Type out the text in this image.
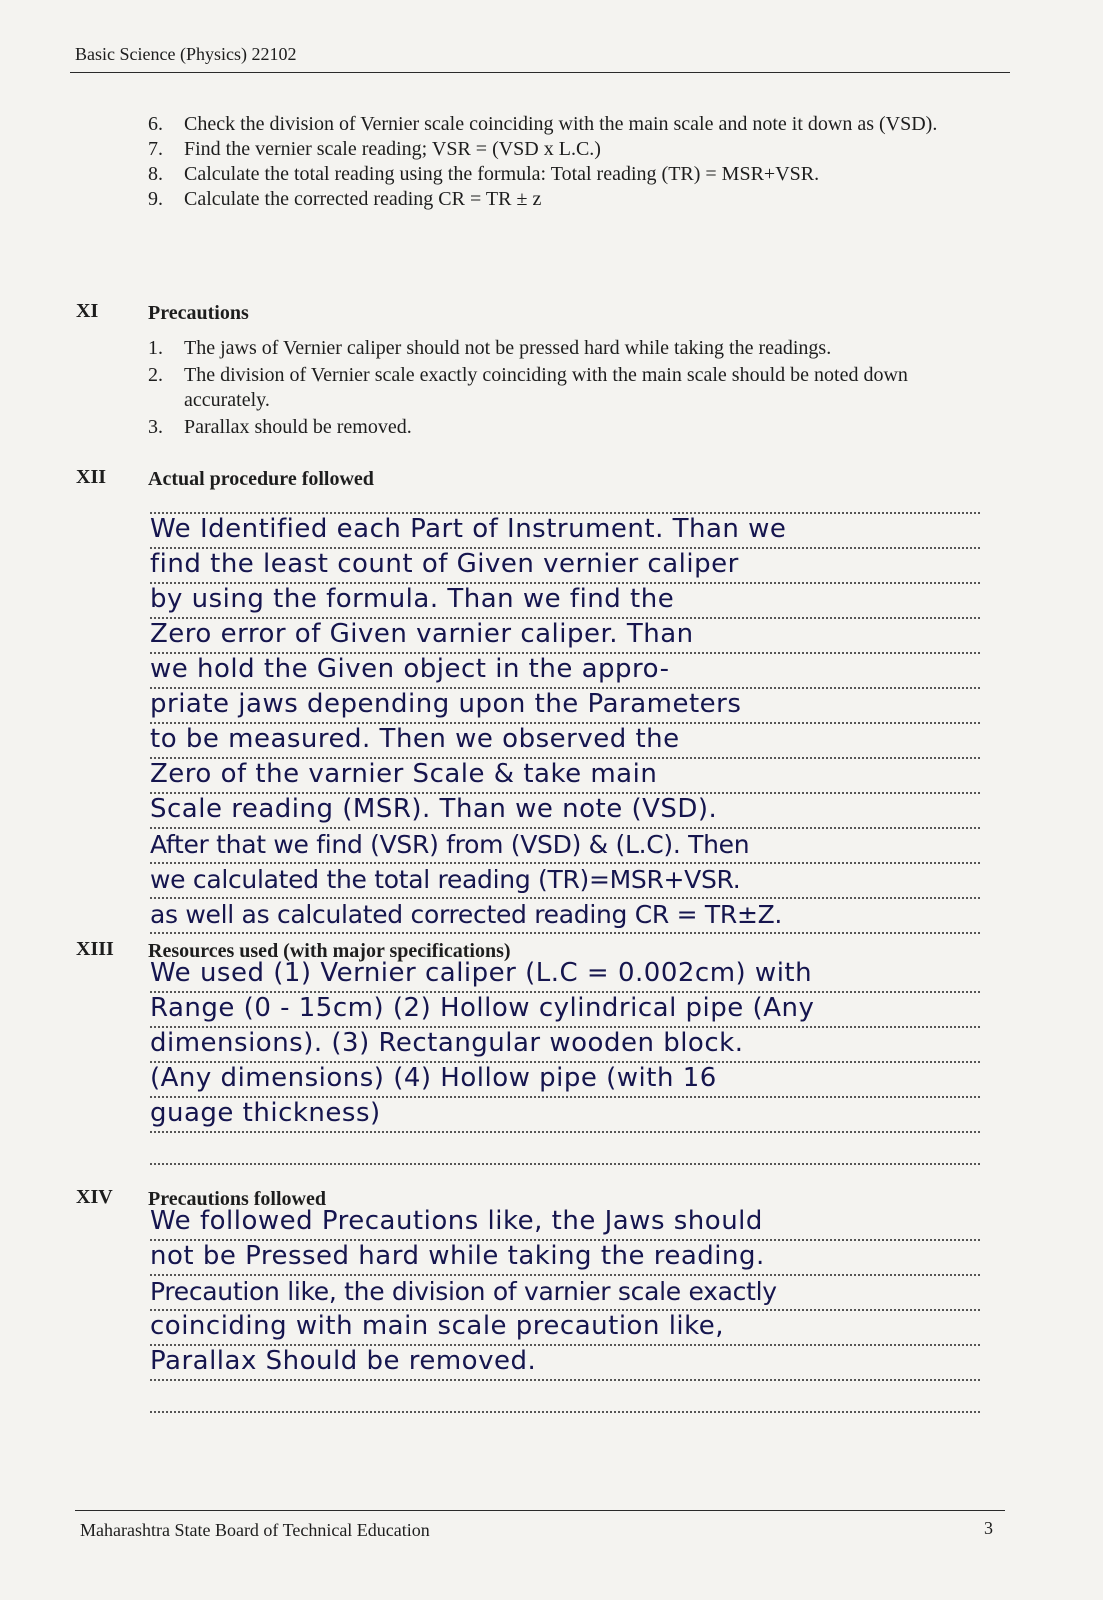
Basic Science (Physics) 22102
6. Check the division of Vernier scale coinciding with the main scale and note it down as (VSD).
7. Find the vernier scale reading; VSR = (VSD x L.C.)
8. Calculate the total reading using the formula: Total reading (TR) = MSR+VSR.
9. Calculate the corrected reading CR = TR ± z
XI Precautions
1. The jaws of Vernier caliper should not be pressed hard while taking the readings.
2. The division of Vernier scale exactly coinciding with the main scale should be noted down accurately.
3. Parallax should be removed.
XII Actual procedure followed
We Identified each Part of Instrument. Than we
find the least count of Given vernier caliper
by using the formula. Than we find the
Zero error of Given varnier caliper. Than
we hold the Given object in the appro-
priate jaws depending upon the Parameters
to be measured. Then we observed the
Zero of the varnier Scale & take main
Scale reading (MSR). Than we note (VSD).
After that we find (VSR) from (VSD) & (L.C). Then
we calculated the total reading (TR)=MSR+VSR.
as well as calculated corrected reading CR = TR±Z.
XIII Resources used (with major specifications)
We used (1) Vernier caliper (L.C = 0.002cm) with
Range (0 - 15cm) (2) Hollow cylindrical pipe (Any
dimensions). (3) Rectangular wooden block.
(Any dimensions) (4) Hollow pipe (with 16
guage thickness)
XIV Precautions followed
We followed Precautions like, the Jaws should
not be Pressed hard while taking the reading.
Precaution like, the division of varnier scale exactly
coinciding with main scale precaution like,
Parallax Should be removed.
Maharashtra State Board of Technical Education	3
